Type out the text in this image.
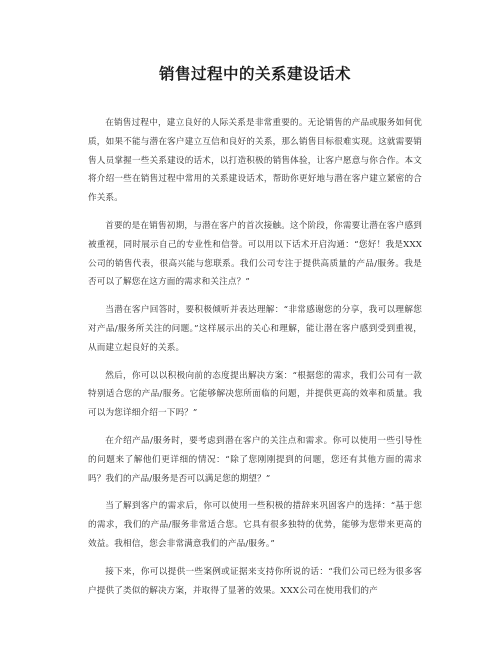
销售过程中的关系建设话术

在销售过程中，建立良好的人际关系是非常重要的。无论销售的产品或服务如何优质，如果不能与潜在客户建立互信和良好的关系，那么销售目标很难实现。这就需要销售人员掌握一些关系建设的话术，以打造积极的销售体验，让客户愿意与你合作。本文将介绍一些在销售过程中常用的关系建设话术，帮助你更好地与潜在客户建立紧密的合作关系。

首要的是在销售初期，与潜在客户的首次接触。这个阶段，你需要让潜在客户感到被重视，同时展示自己的专业性和信誉。可以用以下话术开启沟通：“您好！我是XXX公司的销售代表，很高兴能与您联系。我们公司专注于提供高质量的产品/服务。我是否可以了解您在这方面的需求和关注点？”

当潜在客户回答时，要积极倾听并表达理解：“非常感谢您的分享，我可以理解您对产品/服务所关注的问题。”这样展示出的关心和理解，能让潜在客户感到受到重视，从而建立起良好的关系。

然后，你可以以积极向前的态度提出解决方案：“根据您的需求，我们公司有一款特别适合您的产品/服务。它能够解决您所面临的问题，并提供更高的效率和质量。我可以为您详细介绍一下吗？”

在介绍产品/服务时，要考虑到潜在客户的关注点和需求。你可以使用一些引导性的问题来了解他们更详细的情况：“除了您刚刚提到的问题，您还有其他方面的需求吗？我们的产品/服务是否可以满足您的期望？”

当了解到客户的需求后，你可以使用一些积极的措辞来巩固客户的选择：“基于您的需求，我们的产品/服务非常适合您。它具有很多独特的优势，能够为您带来更高的效益。我相信，您会非常满意我们的产品/服务。”

接下来，你可以提供一些案例或证据来支持你所说的话：“我们公司已经为很多客户提供了类似的解决方案，并取得了显著的效果。XXX公司在使用我们的产
